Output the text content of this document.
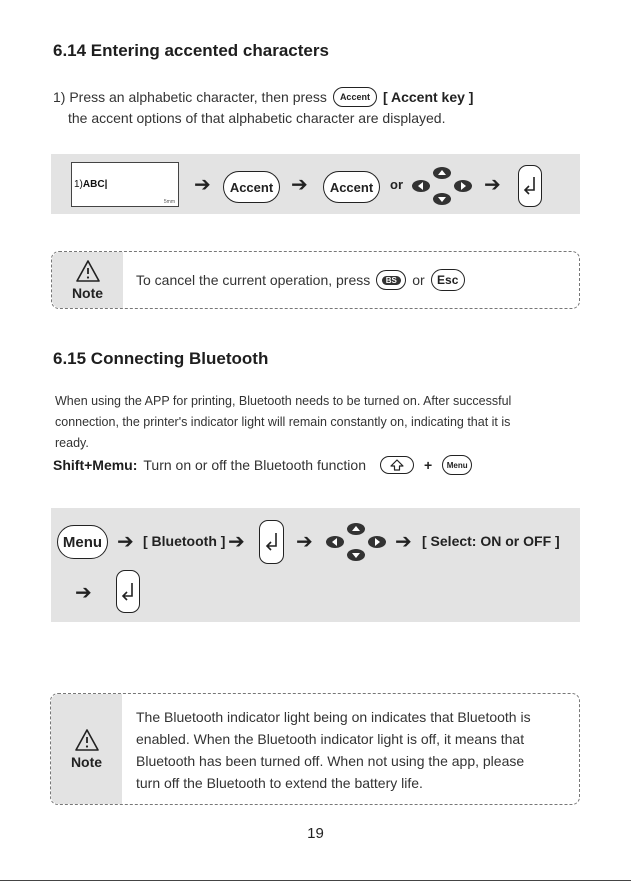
6.14 Entering accented characters
1) Press an alphabetic character, then press	Accent [ Accent key ]
the accent options of that alphabetic character are displayed.
1)ABC|
5mm
➔	Accent ➔	Accent	or	➔
Note
To cancel the current operation, press	BS or	Esc
6.15 Connecting Bluetooth
When using the APP for printing, Bluetooth needs to be turned on. After successful
connection, the printer's indicator light will remain constantly on, indicating that it is
ready.
Shift+Memu: Turn on or off the Bluetooth function	+	Menu
Menu ➔ [ Bluetooth ] ➔	➔	➔ [ Select: ON or OFF ]
➔
Note
The Bluetooth indicator light being on indicates that Bluetooth is
enabled. When the Bluetooth indicator light is off, it means that
Bluetooth has been turned off. When not using the app, please
turn off the Bluetooth to extend the battery life.
19
